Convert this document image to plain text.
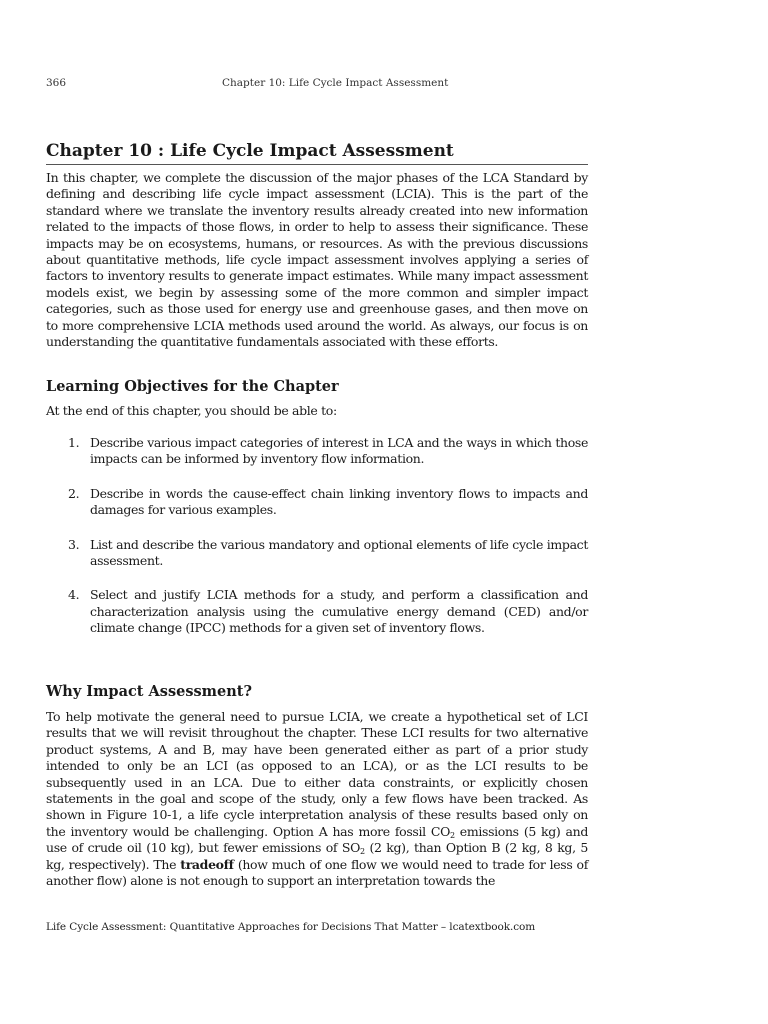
366	Chapter 10: Life Cycle Impact Assessment
Chapter 10 : Life Cycle Impact Assessment

In this chapter, we complete the discussion of the major phases of the LCA Standard by defining and describing life cycle impact assessment (LCIA). This is the part of the standard where we translate the inventory results already created into new information related to the impacts of those flows, in order to help to assess their significance. These impacts may be on ecosystems, humans, or resources. As with the previous discussions about quantitative methods, life cycle impact assessment involves applying a series of factors to inventory results to generate impact estimates. While many impact assessment models exist, we begin by assessing some of the more common and simpler impact categories, such as those used for energy use and greenhouse gases, and then move on to more comprehensive LCIA methods used around the world. As always, our focus is on understanding the quantitative fundamentals associated with these efforts.

Learning Objectives for the Chapter

At the end of this chapter, you should be able to:

1. Describe various impact categories of interest in LCA and the ways in which those impacts can be informed by inventory flow information.
2. Describe in words the cause-effect chain linking inventory flows to impacts and damages for various examples.
3. List and describe the various mandatory and optional elements of life cycle impact assessment.
4. Select and justify LCIA methods for a study, and perform a classification and characterization analysis using the cumulative energy demand (CED) and/or climate change (IPCC) methods for a given set of inventory flows.
Why Impact Assessment?

To help motivate the general need to pursue LCIA, we create a hypothetical set of LCI results that we will revisit throughout the chapter. These LCI results for two alternative product systems, A and B, may have been generated either as part of a prior study intended to only be an LCI (as opposed to an LCA), or as the LCI results to be subsequently used in an LCA. Due to either data constraints, or explicitly chosen statements in the goal and scope of the study, only a few flows have been tracked. As shown in Figure 10-1, a life cycle interpretation analysis of these results based only on the inventory would be challenging. Option A has more fossil $CO_2$ emissions (5 kg) and use of crude oil (10 kg), but fewer emissions of $SO_2$ (2 kg), than Option B (2 kg, 8 kg, 5 kg, respectively). The tradeoff (how much of one flow we would need to trade for less of another flow) alone is not enough to support an interpretation towards the

Life Cycle Assessment: Quantitative Approaches for Decisions That Matter – lcatextbook.com
